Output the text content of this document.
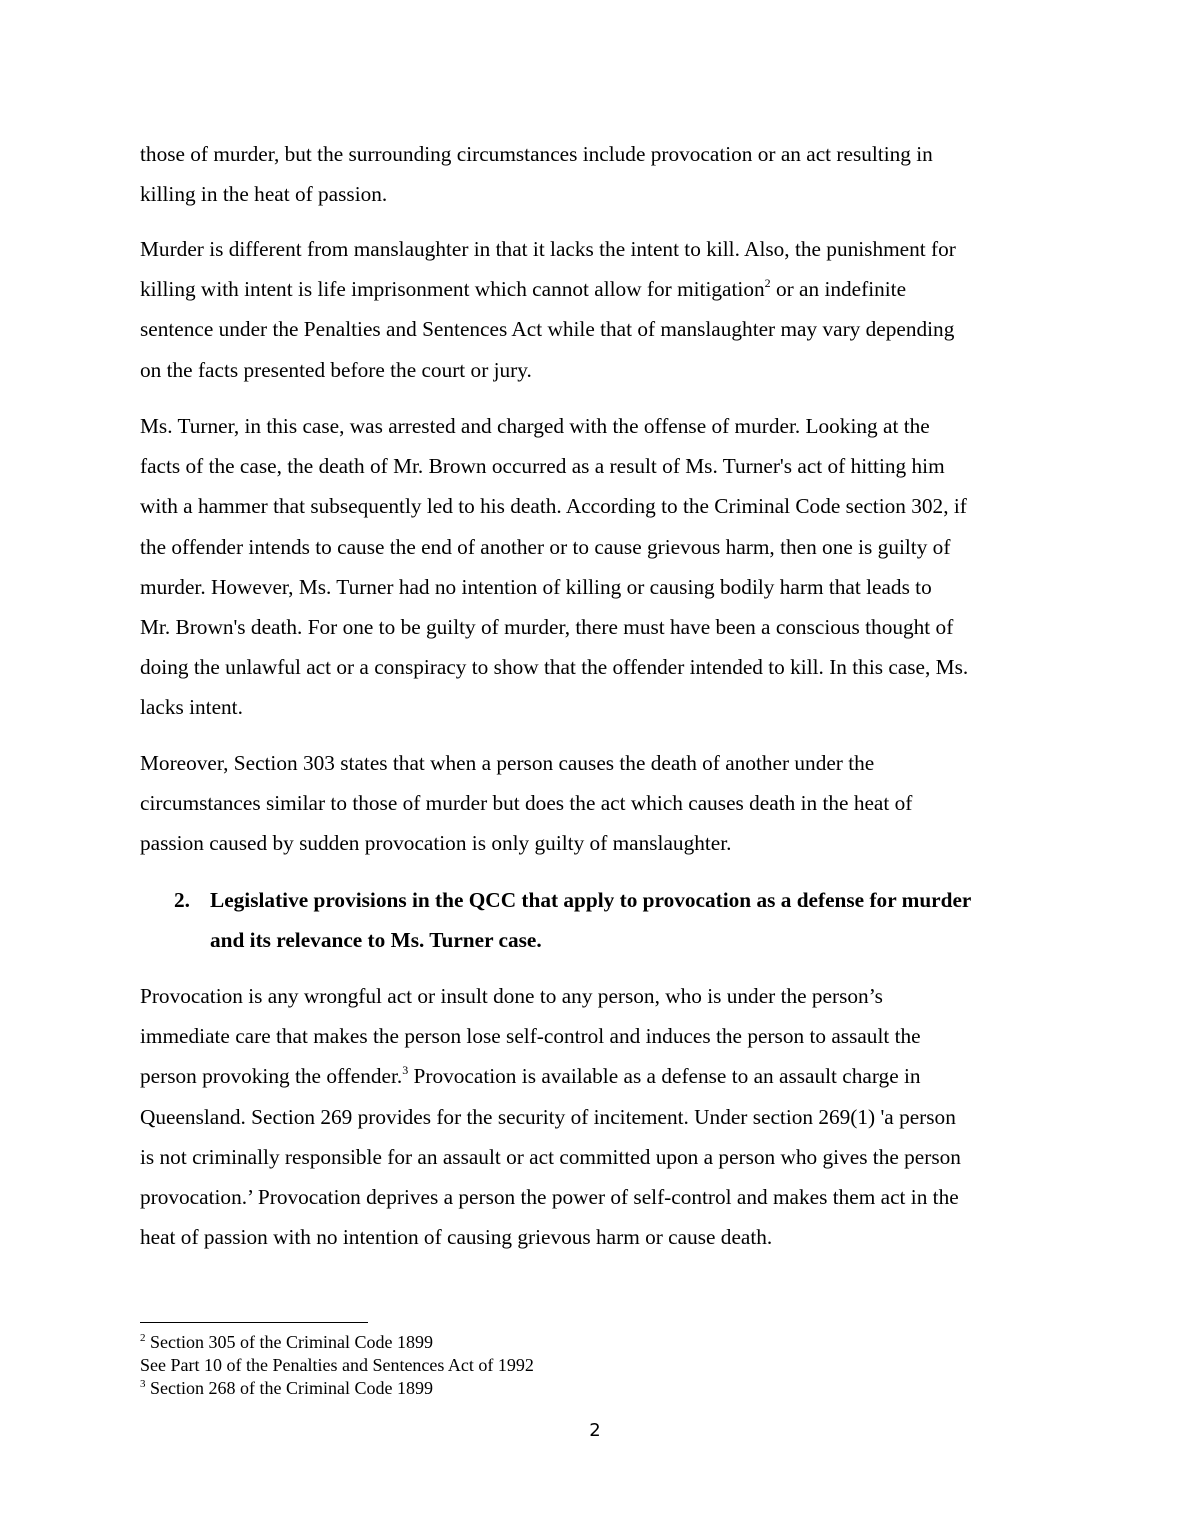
those of murder, but the surrounding circumstances include provocation or an act resulting in
killing in the heat of passion.

Murder is different from manslaughter in that it lacks the intent to kill. Also, the punishment for
killing with intent is life imprisonment which cannot allow for mitigation$^2$ or an indefinite
sentence under the Penalties and Sentences Act while that of manslaughter may vary depending
on the facts presented before the court or jury.

Ms. Turner, in this case, was arrested and charged with the offense of murder. Looking at the
facts of the case, the death of Mr. Brown occurred as a result of Ms. Turner's act of hitting him
with a hammer that subsequently led to his death. According to the Criminal Code section 302, if
the offender intends to cause the end of another or to cause grievous harm, then one is guilty of
murder. However, Ms. Turner had no intention of killing or causing bodily harm that leads to
Mr. Brown's death. For one to be guilty of murder, there must have been a conscious thought of
doing the unlawful act or a conspiracy to show that the offender intended to kill. In this case, Ms.
lacks intent.

Moreover, Section 303 states that when a person causes the death of another under the
circumstances similar to those of murder but does the act which causes death in the heat of
passion caused by sudden provocation is only guilty of manslaughter.

2. Legislative provisions in the QCC that apply to provocation as a defense for murder
and its relevance to Ms. Turner case.

Provocation is any wrongful act or insult done to any person, who is under the person’s
immediate care that makes the person lose self-control and induces the person to assault the
person provoking the offender.$^3$ Provocation is available as a defense to an assault charge in
Queensland. Section 269 provides for the security of incitement. Under section 269(1) 'a person
is not criminally responsible for an assault or act committed upon a person who gives the person
provocation.’ Provocation deprives a person the power of self-control and makes them act in the
heat of passion with no intention of causing grievous harm or cause death.

$^2$ Section 305 of the Criminal Code 1899
See Part 10 of the Penalties and Sentences Act of 1992
$^3$ Section 268 of the Criminal Code 1899
2
